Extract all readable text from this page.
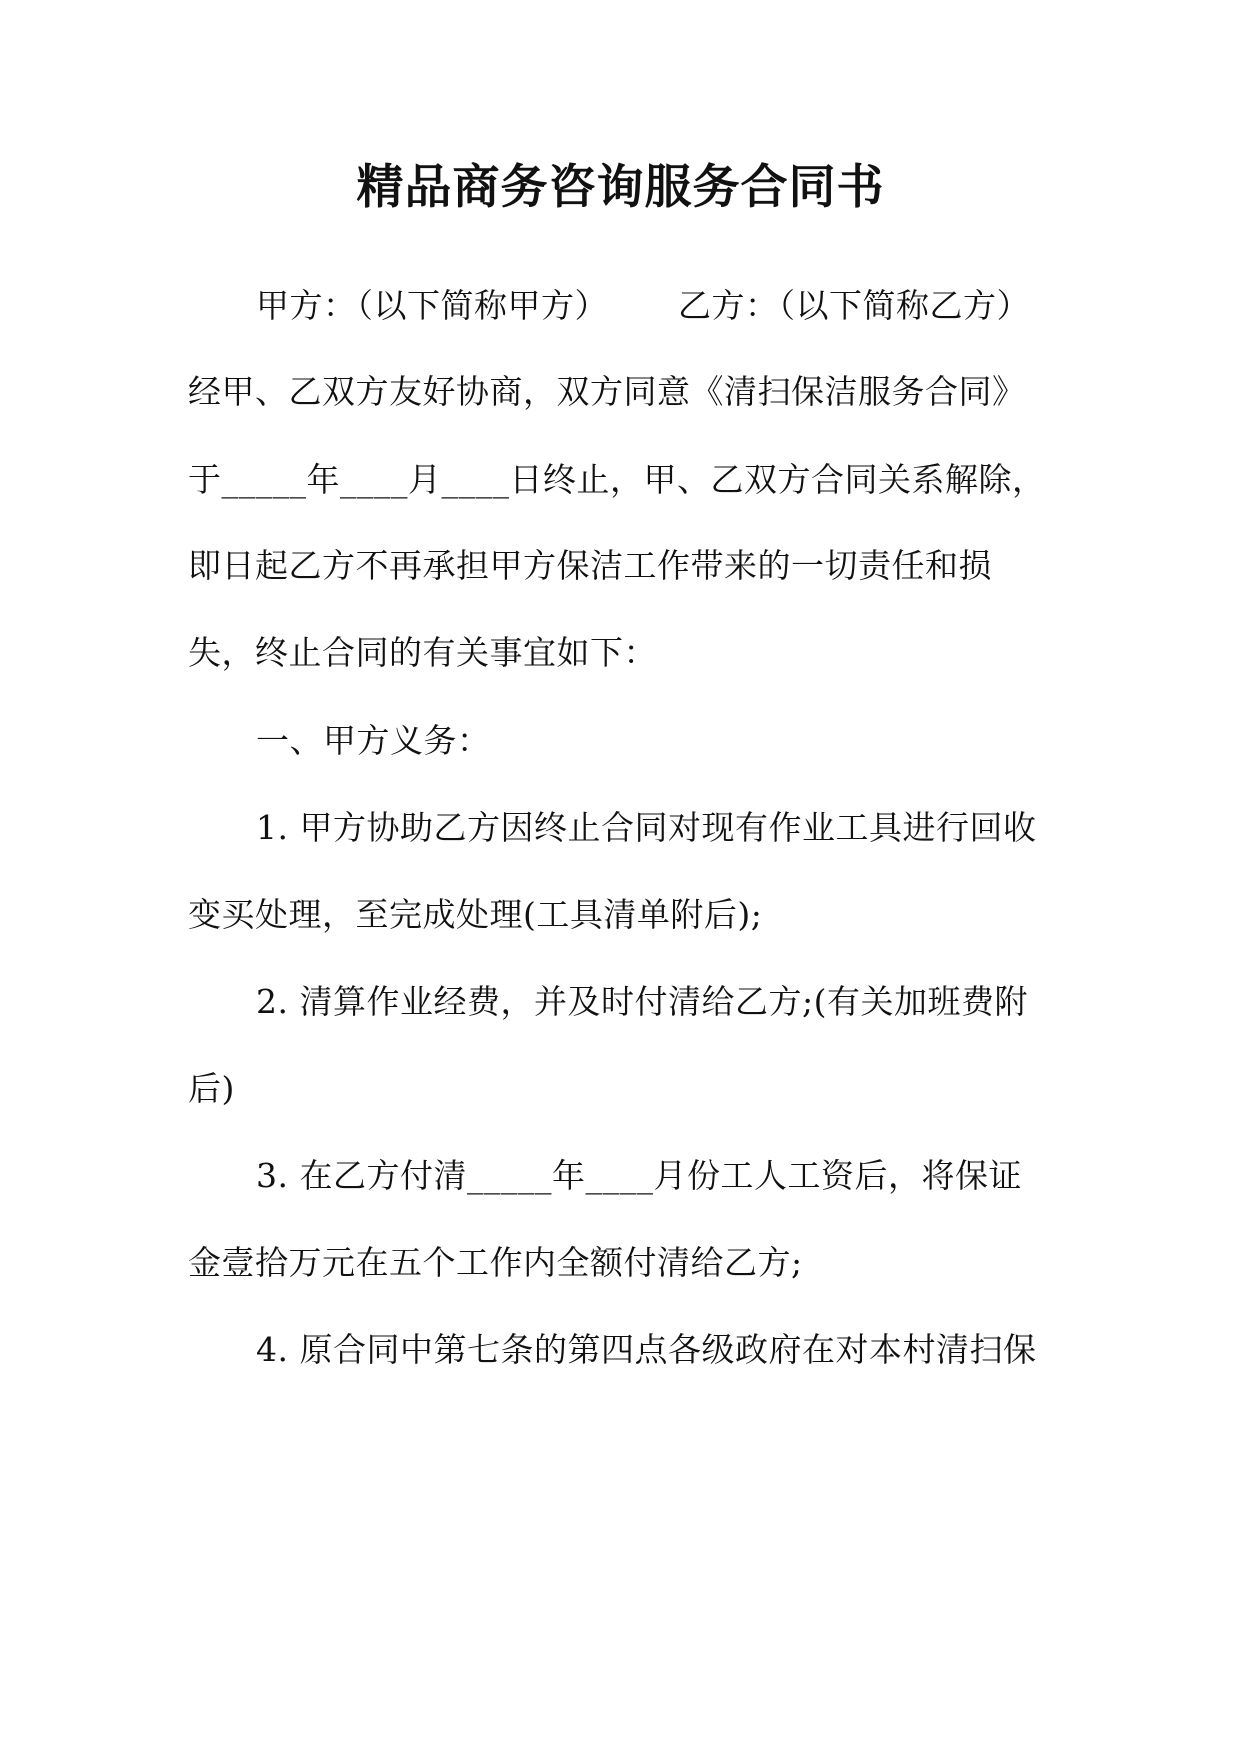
精品商务咨询服务合同书
甲方：（以下简称甲方） 乙方：（以下简称乙方）
经甲、乙双方友好协商，双方同意《清扫保洁服务合同》
于_____年____月____日终止，甲、乙双方合同关系解除，
即日起乙方不再承担甲方保洁工作带来的一切责任和损
失，终止合同的有关事宜如下：
一、甲方义务：
1. 甲方协助乙方因终止合同对现有作业工具进行回收
变买处理，至完成处理(工具清单附后);
2. 清算作业经费，并及时付清给乙方;(有关加班费附
后)
3. 在乙方付清_____年____月份工人工资后，将保证
金壹拾万元在五个工作内全额付清给乙方;
4. 原合同中第七条的第四点各级政府在对本村清扫保
